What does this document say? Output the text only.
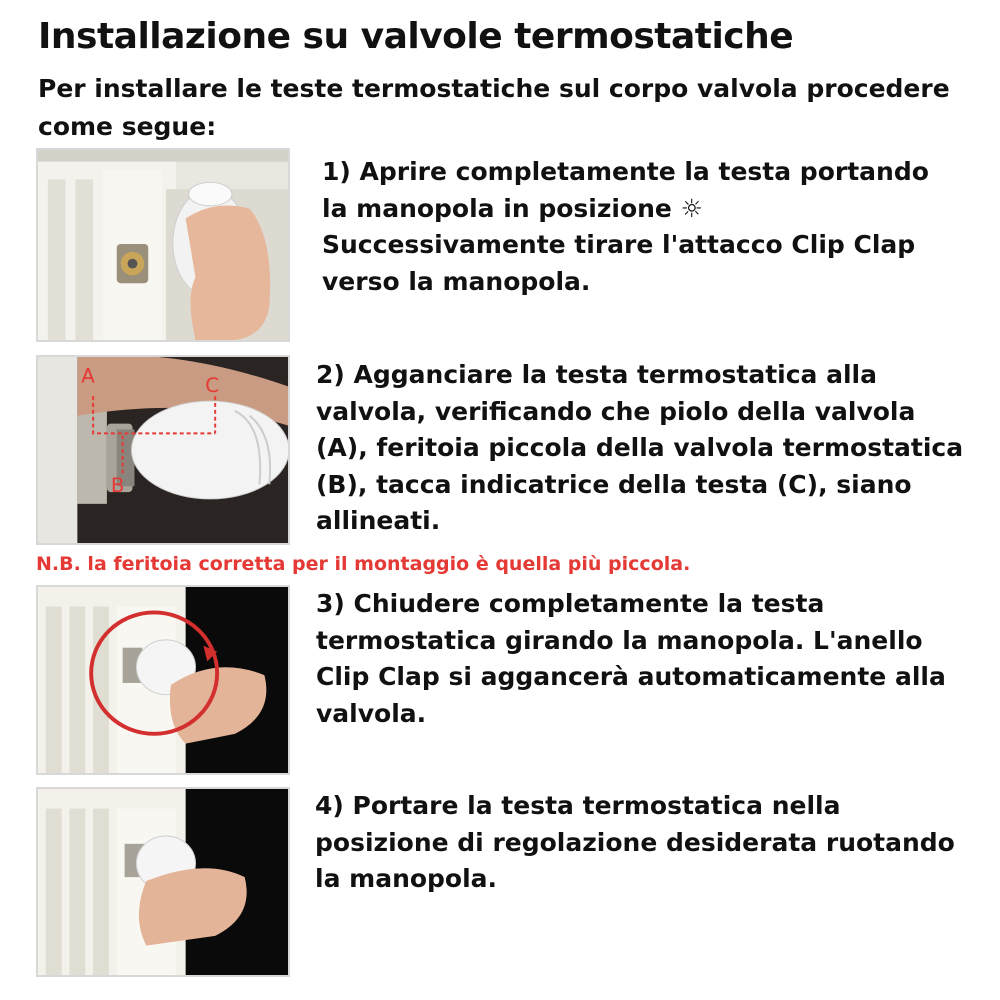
Installazione su valvole termostatiche

Per installare le teste termostatiche sul corpo valvola procedere come segue:

1) Aprire completamente la testa portando
la manopola in posizione ☼
Successivamente tirare l'attacco Clip Clap
verso la manopola.
A
B
C	2) Agganciare la testa termostatica alla
valvola, verificando che piolo della valvola
(A), feritoia piccola della valvola termostatica
(B), tacca indicatrice della testa (C), siano
allineati.

N.B. la feritoia corretta per il montaggio è quella più piccola.

3) Chiudere completamente la testa
termostatica girando la manopola. L'anello
Clip Clap si aggancerà automaticamente alla
valvola.
4) Portare la testa termostatica nella
posizione di regolazione desiderata ruotando
la manopola.
